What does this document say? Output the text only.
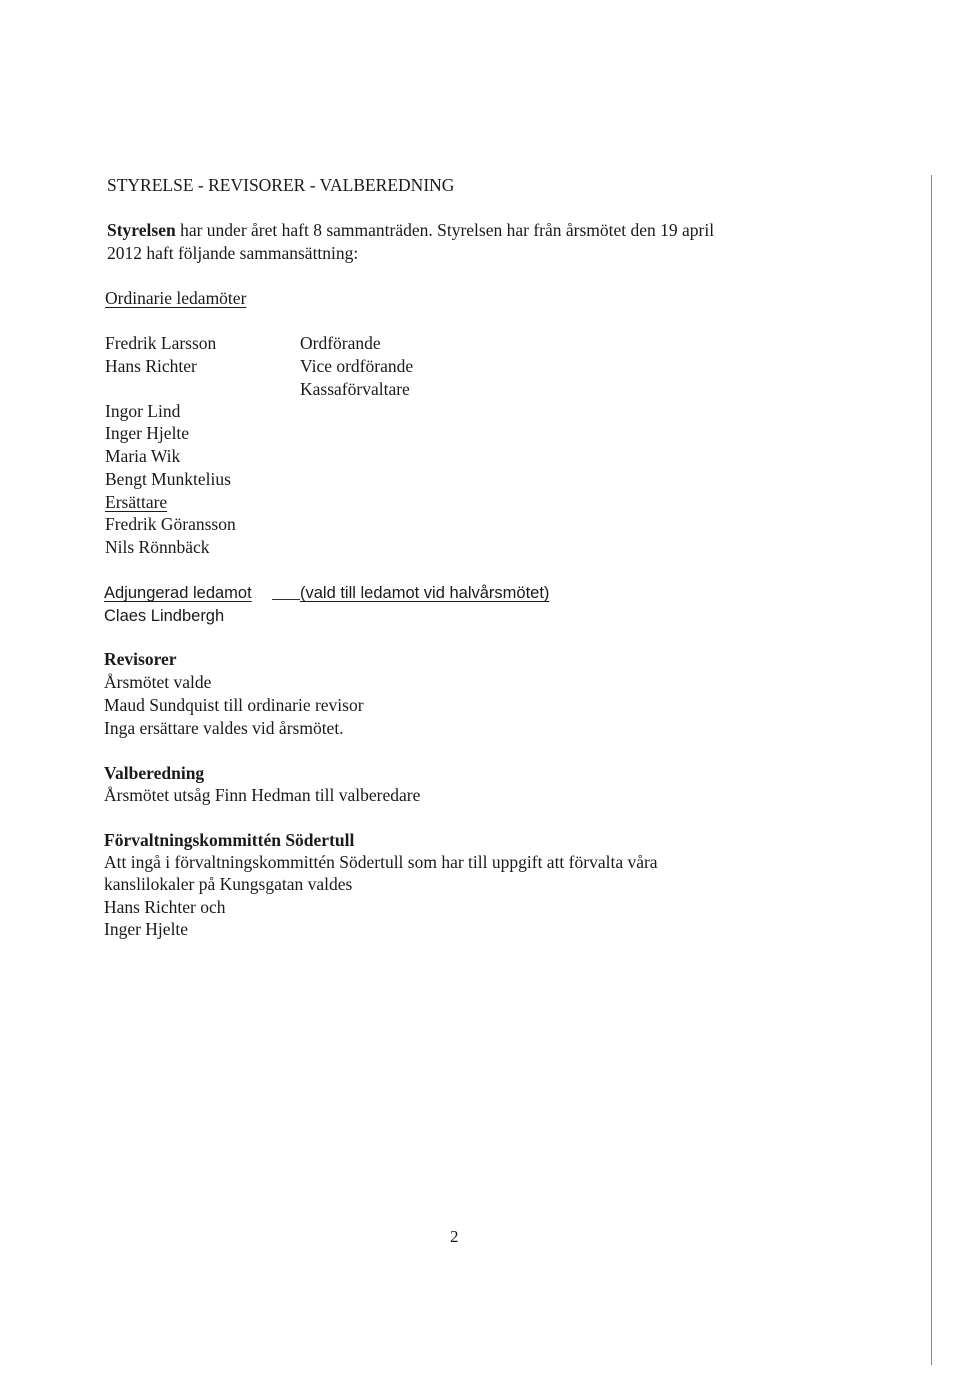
STYRELSE - REVISORER - VALBEREDNING
Styrelsen har under året haft 8 sammanträden. Styrelsen har från årsmötet den 19 april
2012 haft följande sammansättning:
Ordinarie ledamöter
Fredrik Larsson
Hans Richter
Ingor Lind
Inger Hjelte
Maria Wik
Bengt Munktelius
Ordförande
Vice ordförande
Kassaförvaltare
Ersättare
Fredrik Göransson
Nils Rönnbäck
Adjungerad ledamot	(vald till ledamot vid halvårsmötet)
Claes Lindbergh
Revisorer
Årsmötet valde
Maud Sundquist till ordinarie revisor
Inga ersättare valdes vid årsmötet.
Valberedning
Årsmötet utsåg Finn Hedman till valberedare
Förvaltningskommittén Södertull
Att ingå i förvaltningskommittén Södertull som har till uppgift att förvalta våra
kanslilokaler på Kungsgatan valdes
Hans Richter och
Inger Hjelte
2
